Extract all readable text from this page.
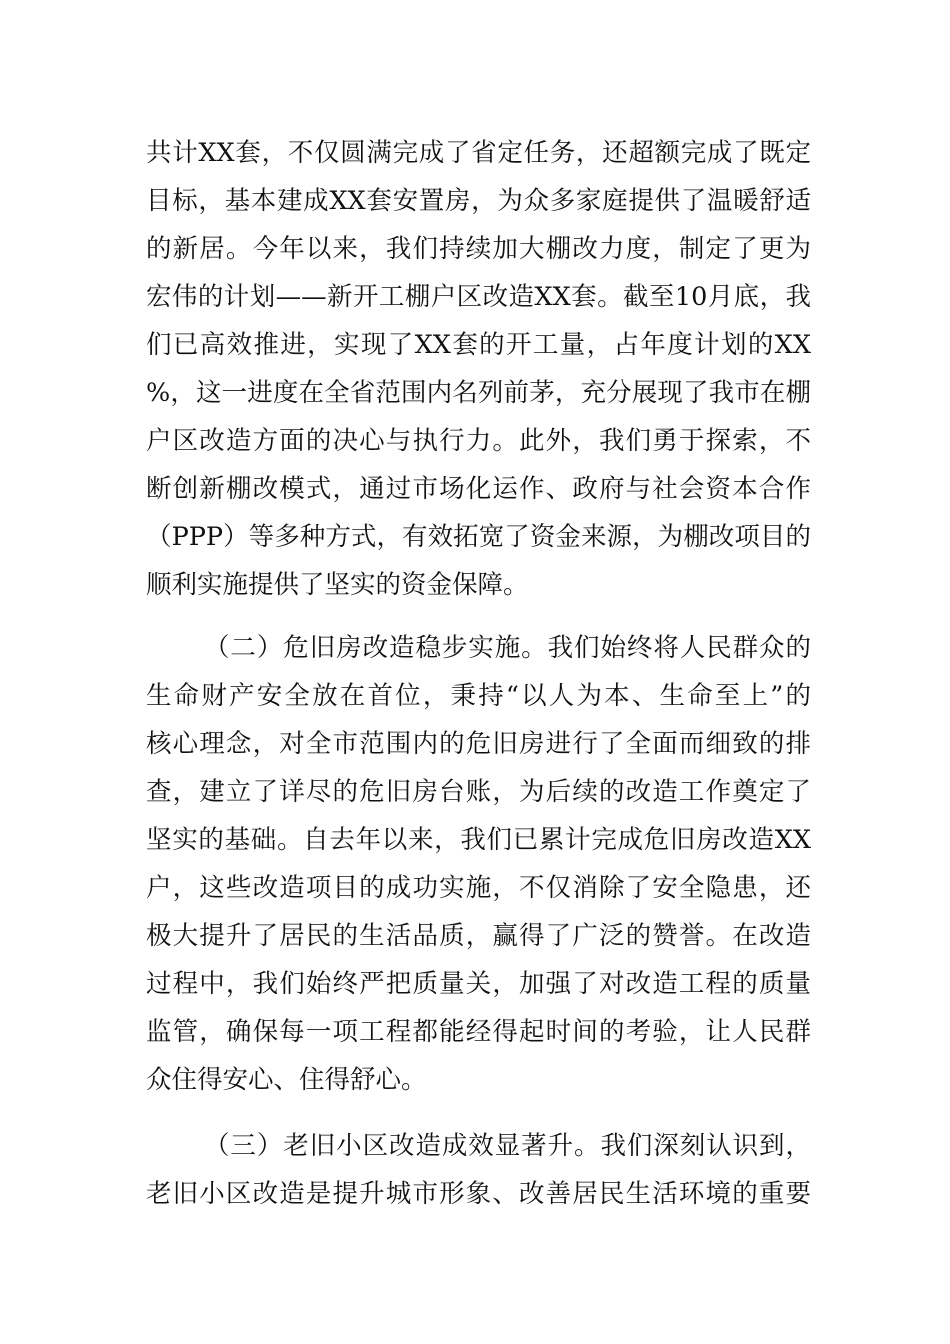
共计XX套，不仅圆满完成了省定任务，还超额完成了既定
目标，基本建成XX套安置房，为众多家庭提供了温暖舒适
的新居。今年以来，我们持续加大棚改力度，制定了更为
宏伟的计划——新开工棚户区改造XX套。截至10月底，我
们已高效推进，实现了XX套的开工量，占年度计划的XX
%，这一进度在全省范围内名列前茅，充分展现了我市在棚
户区改造方面的决心与执行力。此外，我们勇于探索，不
断创新棚改模式，通过市场化运作、政府与社会资本合作
（PPP）等多种方式，有效拓宽了资金来源，为棚改项目的
顺利实施提供了坚实的资金保障。
（二）危旧房改造稳步实施。我们始终将人民群众的
生命财产安全放在首位，秉持“以人为本、生命至上”的
核心理念，对全市范围内的危旧房进行了全面而细致的排
查，建立了详尽的危旧房台账，为后续的改造工作奠定了
坚实的基础。自去年以来，我们已累计完成危旧房改造XX
户，这些改造项目的成功实施，不仅消除了安全隐患，还
极大提升了居民的生活品质，赢得了广泛的赞誉。在改造
过程中，我们始终严把质量关，加强了对改造工程的质量
监管，确保每一项工程都能经得起时间的考验，让人民群
众住得安心、住得舒心。
（三）老旧小区改造成效显著升。我们深刻认识到，
老旧小区改造是提升城市形象、改善居民生活环境的重要
